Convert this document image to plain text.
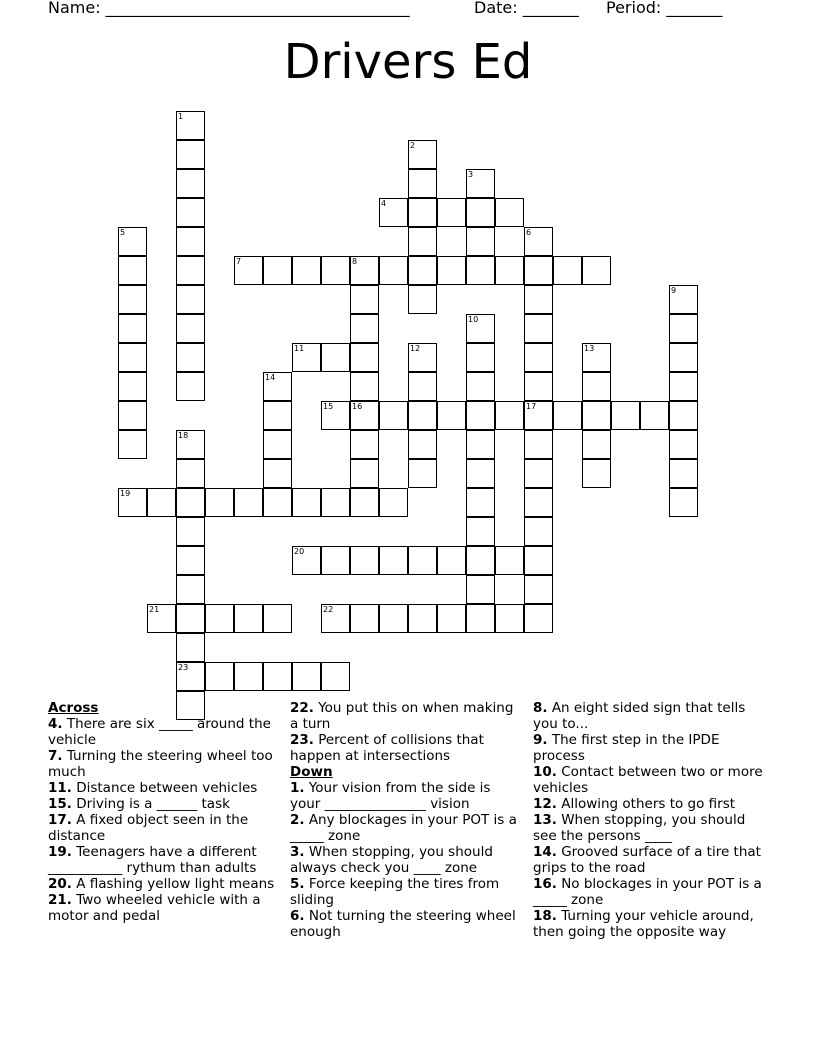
Name: ______________________________________	Date: _______ Period: _______
Drivers Ed
1
2
3
4
5	6
7	8
9
10
11	12	13
14
15 16	17
18
19
20
21	22
23
Across
4. There are six _____ around the vehicle
7. Turning the steering wheel too much
11. Distance between vehicles
15. Driving is a ______ task
17. A fixed object seen in the distance
19. Teenagers have a different ___________ rythum than adults
20. A flashing yellow light means
21. Two wheeled vehicle with a motor and pedal
22. You put this on when making a turn
23. Percent of collisions that happen at intersections
Down
1. Your vision from the side is your _______________ vision
2. Any blockages in your POT is a _____ zone
3. When stopping, you should always check you ____ zone
5. Force keeping the tires from sliding
6. Not turning the steering wheel enough
8. An eight sided sign that tells you to...
9. The first step in the IPDE process
10. Contact between two or more vehicles
12. Allowing others to go first
13. When stopping, you should see the persons ____
14. Grooved surface of a tire that grips to the road
16. No blockages in your POT is a _____ zone
18. Turning your vehicle around, then going the opposite way
